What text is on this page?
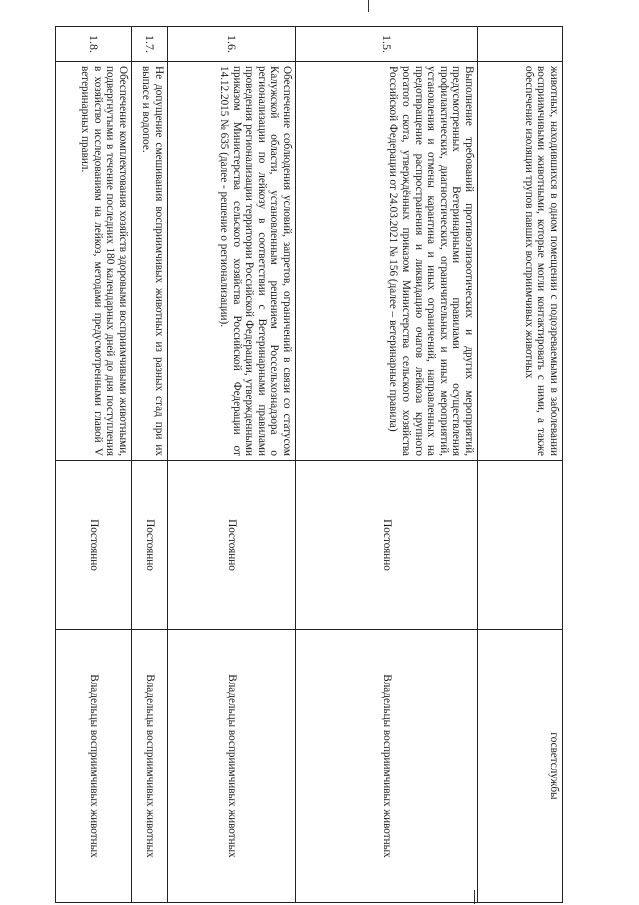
	животных, находившихся в одном помещении с подозреваемыми в заболевании восприимчивыми животными, которые могли контактировать с ними, а также обеспечение изоляции трупов павших восприимчивых животных		госветслужбы
1.5.	Выполнение требований противоэпизоотических и других мероприятий, предусмотренных Ветеринарными правилами осуществления профилактических, диагностических, ограничительных и иных мероприятий, установления и отмены карантина и иных ограничений, направленных на предотвращение распространения и ликвидацию очагов лейкоза крупного рогатого скота, утверждённых приказом Министерства сельского хозяйства Российской Федерации от 24.03.2021 № 156 (далее – ветеринарные правила)	Постоянно	Владельцы восприимчивых животных
1.6.	Обеспечение соблюдения условий, запретов, ограничений в связи со статусом Калужской области, установленным решением Россельхознадзора о регионализации по лейкозу в соответствии с Ветеринарными правилами проведения регионализации территории Российской Федерации, утвержденными приказом Министерства сельского хозяйства Российской Федерации от 14.12.2015 № 635 (далее - решение о регионализации).	Постоянно	Владельцы восприимчивых животных
1.7.	Не допущение смешивания восприимчивых животных из разных стад при их выпасе и водопое.	Постоянно	Владельцы восприимчивых животных
1.8.	Обеспечение комплектования хозяйств здоровыми восприимчивыми животными, подвергнутыми в течение последних 180 календарных дней до дня поступления в хозяйство исследованиям на лейкоз, методами предусмотренными главой V ветеринарных правил.	Постоянно	Владельцы восприимчивых животных
